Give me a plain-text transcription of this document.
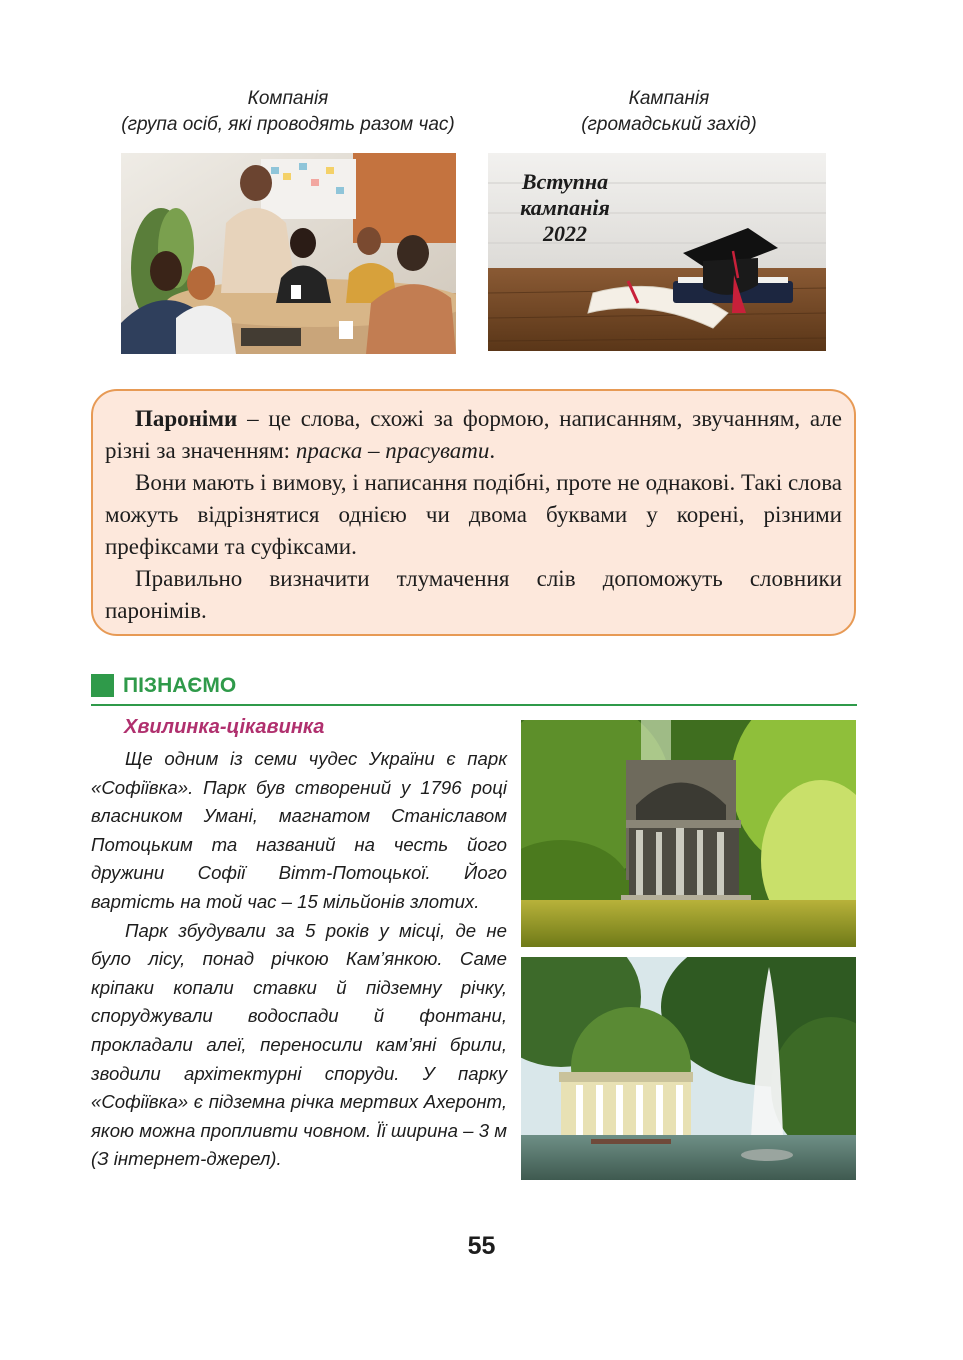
Компанія
(група осіб, які проводять разом час)
Кампанія
(громадський захід)
Вступна
кампанія
2022

Пароніми – це слова, схожі за формою, написанням, звучанням, але різні за значенням: праска – прасувати.

Вони мають і вимову, і написання подібні, проте не однакові. Такі слова можуть відрізнятися однією чи двома буквами у корені, різними префіксами та суфіксами.

Правильно визначити тлумачення слів допоможуть словники паронімів.

ПІЗНАЄМО
Хвилинка-цікавинка

Ще одним із семи чудес України є парк «Софіївка». Парк був створений у 1796 році власником Умані, магнатом Станіславом Потоцьким та названий на честь його дружини Софії Вітт-Потоцької. Його вартість на той час – 15 мільйонів злотих.

Парк збудували за 5 років у місці, де не було лісу, понад річкою Кам’янкою. Саме кріпаки копали ставки й підземну річку, споруджували водоспади й фонтани, прокладали алеї, переносили кам’яні брили, зводили архітектурні споруди. У парку «Софіївка» є підземна річка мертвих Ахеронт, якою можна пропливти човном. Її ширина – 3 м (З інтернет-джерел).

55
